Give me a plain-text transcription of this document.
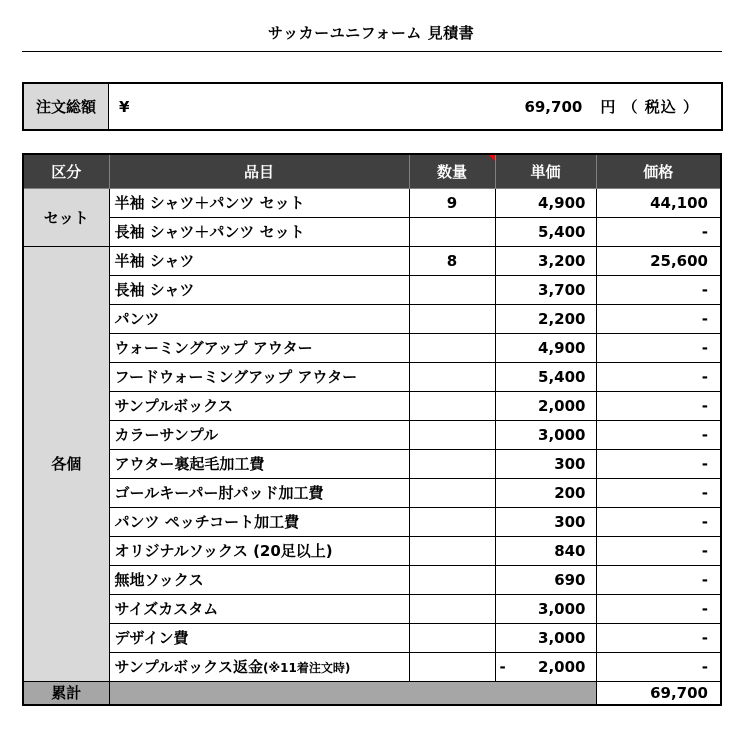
サッカーユニフォーム 見積書
注文総額	¥	69,700	円 （ 税込 ）
区分	品目	数量	単価	価格
セット	半袖 シャツ＋パンツ セット	9	4,900	44,100
	長袖 シャツ＋パンツ セット		5,400	-
各個	半袖 シャツ	8	3,200	25,600
	長袖 シャツ		3,700	-
	パンツ		2,200	-
	ウォーミングアップ アウター		4,900	-
	フードウォーミングアップ アウター		5,400	-
	サンプルボックス		2,000	-
	カラーサンプル		3,000	-
	アウター裏起毛加工費		300	-
	ゴールキーパー肘パッド加工費		200	-
	パンツ ペッチコート加工費		300	-
	オリジナルソックス (20足以上)		840	-
	無地ソックス		690	-
	サイズカスタム		3,000	-
	デザイン費		3,000	-
	サンプルボックス返金(※11着注文時)		- 2,000	-
累計				69,700
